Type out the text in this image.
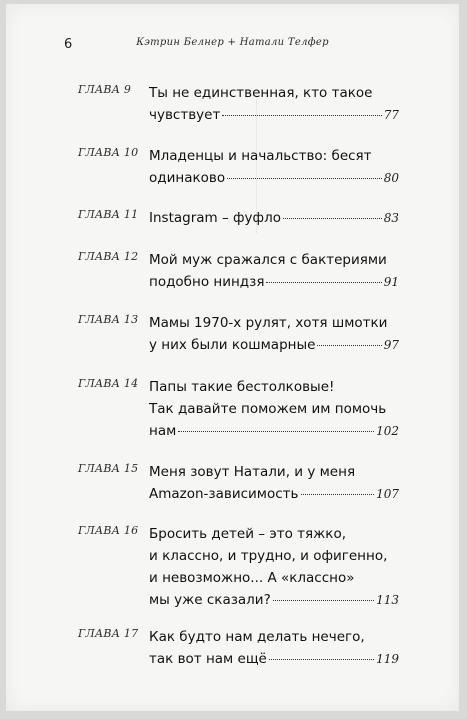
6	Кэтрин Белнер + Натали Телфер
ГЛАВА 9 Ты не единственная, кто такое
чувствует	77
ГЛАВА 10 Младенцы и начальство: бесят
одинаково	80
ГЛАВА 11 Instagram – фуфло	83
ГЛАВА 12 Мой муж сражался с бактериями
подобно ниндзя	91
ГЛАВА 13 Мамы 1970-х рулят, хотя шмотки
у них были кошмарные	97
ГЛАВА 14 Папы такие бестолковые!
Так давайте поможем им помочь
нам	102
ГЛАВА 15 Меня зовут Натали, и у меня
Amazon-зависимость	107
ГЛАВА 16 Бросить детей – это тяжко,
и классно, и трудно, и офигенно,
и невозможно... А «классно»
мы уже сказали?	113
ГЛАВА 17 Как будто нам делать нечего,
так вот нам ещё	119
